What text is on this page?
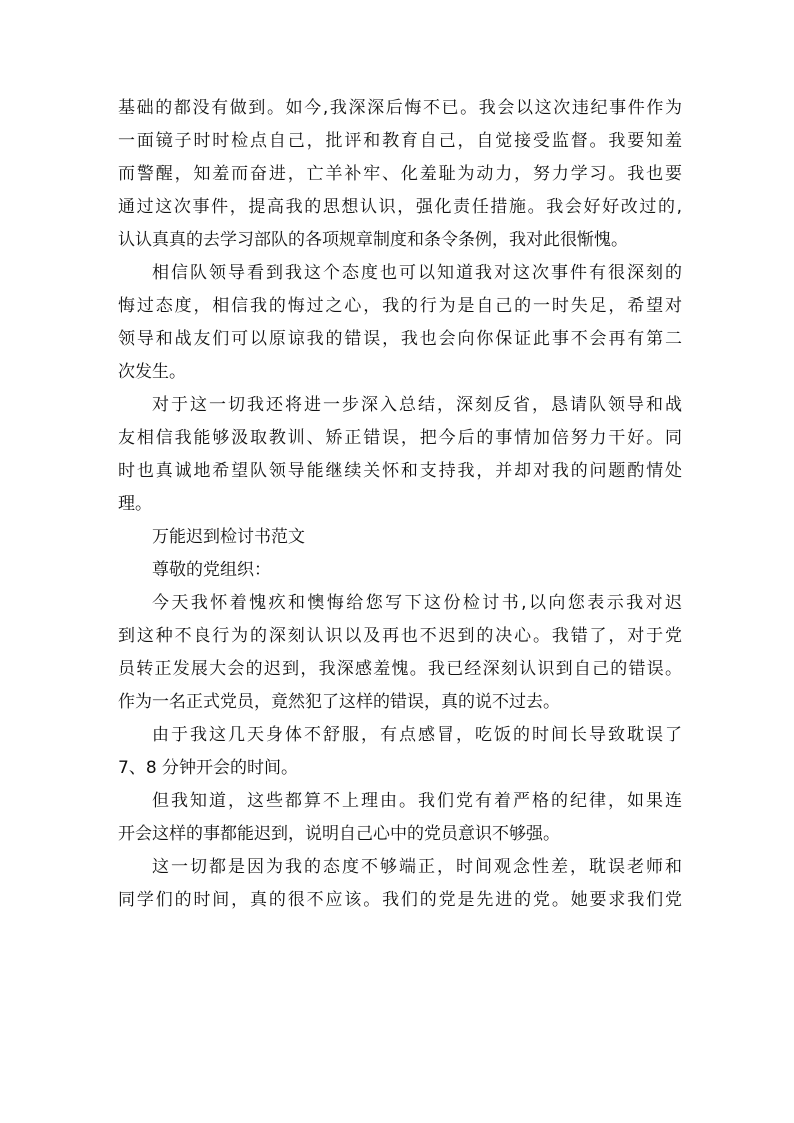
基础的都没有做到。如今,我深深后悔不已。我会以这次违纪事件作为
一面镜子时时检点自己，批评和教育自己，自觉接受监督。我要知羞
而警醒，知羞而奋进，亡羊补牢、化羞耻为动力，努力学习。我也要
通过这次事件，提高我的思想认识，强化责任措施。我会好好改过的,
认认真真的去学习部队的各项规章制度和条令条例，我对此很惭愧。
相信队领导看到我这个态度也可以知道我对这次事件有很深刻的
悔过态度，相信我的悔过之心，我的行为是自己的一时失足，希望对
领导和战友们可以原谅我的错误，我也会向你保证此事不会再有第二
次发生。
对于这一切我还将进一步深入总结，深刻反省，恳请队领导和战
友相信我能够汲取教训、矫正错误，把今后的事情加倍努力干好。同
时也真诚地希望队领导能继续关怀和支持我，并却对我的问题酌情处
理。
万能迟到检讨书范文
尊敬的党组织：
今天我怀着愧疚和懊悔给您写下这份检讨书,以向您表示我对迟
到这种不良行为的深刻认识以及再也不迟到的决心。我错了，对于党
员转正发展大会的迟到，我深感羞愧。我已经深刻认识到自己的错误。
作为一名正式党员，竟然犯了这样的错误，真的说不过去。
由于我这几天身体不舒服，有点感冒，吃饭的时间长导致耽误了
7、8 分钟开会的时间。
但我知道，这些都算不上理由。我们党有着严格的纪律，如果连
开会这样的事都能迟到，说明自己心中的党员意识不够强。
这一切都是因为我的态度不够端正，时间观念性差，耽误老师和
同学们的时间，真的很不应该。我们的党是先进的党。她要求我们党
